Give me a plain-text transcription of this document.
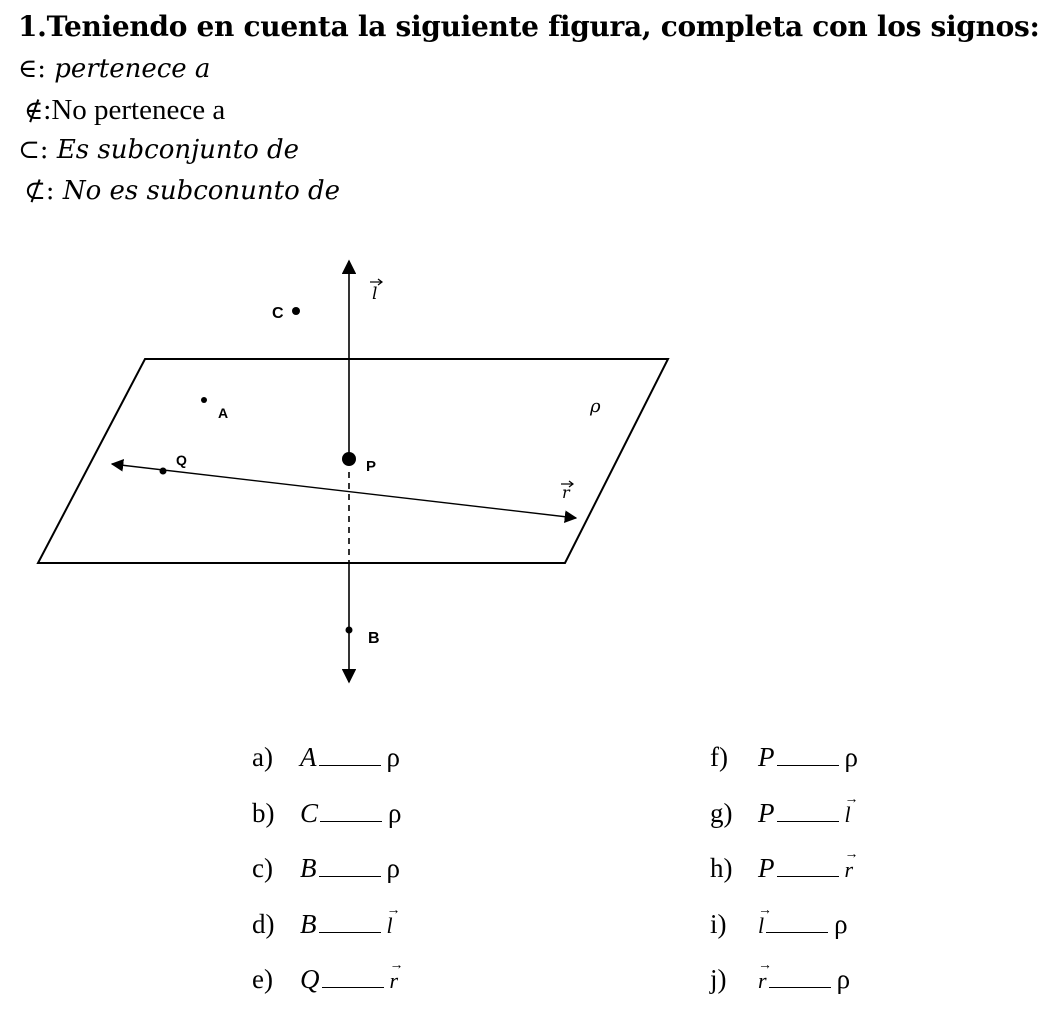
1.Teniendo en cuenta la siguiente figura, completa con los signos:
∈: pertenece a
∉:No pertenece a
⊂: Es subconjunto de
⊄: No es subconunto de
C
A
Q	P
B
ρ
l
r
a) A	ρ
b) C	ρ
c) B	ρ
d) B	l
→
e) Q	r
→
f) P	ρ
g) P	l
→
h) P	r
→
i) l
→ ρ
j) r
→ ρ
